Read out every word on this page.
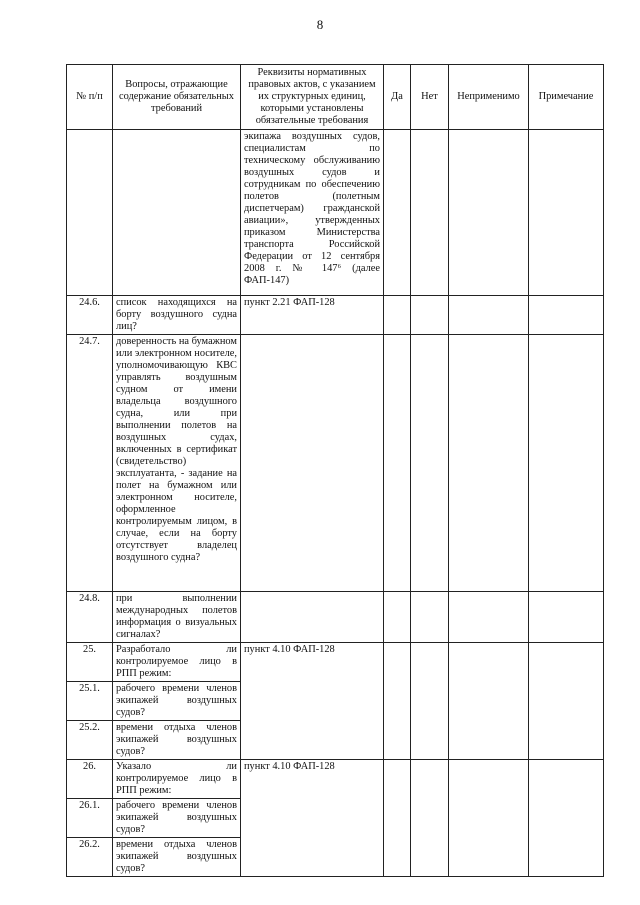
8
№ п/п	Вопросы, отражающие содержание обязательных требований	Реквизиты нормативных правовых актов, с указанием их структурных единиц, которыми установлены обязательные требования	Да	Нет	Неприменимо	Примечание
		экипажа воздушных судов, специалистам по техническому обслуживанию воздушных судов и сотрудникам по обеспечению полетов (полетным диспетчерам) гражданской авиации», утвержденных приказом Министерства транспорта Российской Федерации от 12 сентября 2008 г. № 147⁶ (далее ФАП-147)				
24.6.	список находящихся на борту воздушного судна лиц?	пункт 2.21 ФАП-128				
24.7.	доверенность на бумажном или электронном носителе, уполномочивающую КВС управлять воздушным судном от имени владельца воздушного судна, или при выполнении полетов на воздушных судах, включенных в сертификат (свидетельство) эксплуатанта, - задание на полет на бумажном или электронном носителе, оформленное контролируемым лицом, в случае, если на борту отсутствует владелец воздушного судна?					
24.8.	при выполнении международных полетов информация о визуальных сигналах?					
25.	Разработало ли контролируемое лицо в РПП режим:	пункт 4.10 ФАП-128				
25.1.	рабочего времени членов экипажей воздушных судов?					
25.2.	времени отдыха членов экипажей воздушных судов?					
26.	Указало ли контролируемое лицо в РПП режим:	пункт 4.10 ФАП-128				
26.1.	рабочего времени членов экипажей воздушных судов?					
26.2.	времени отдыха членов экипажей воздушных судов?					
